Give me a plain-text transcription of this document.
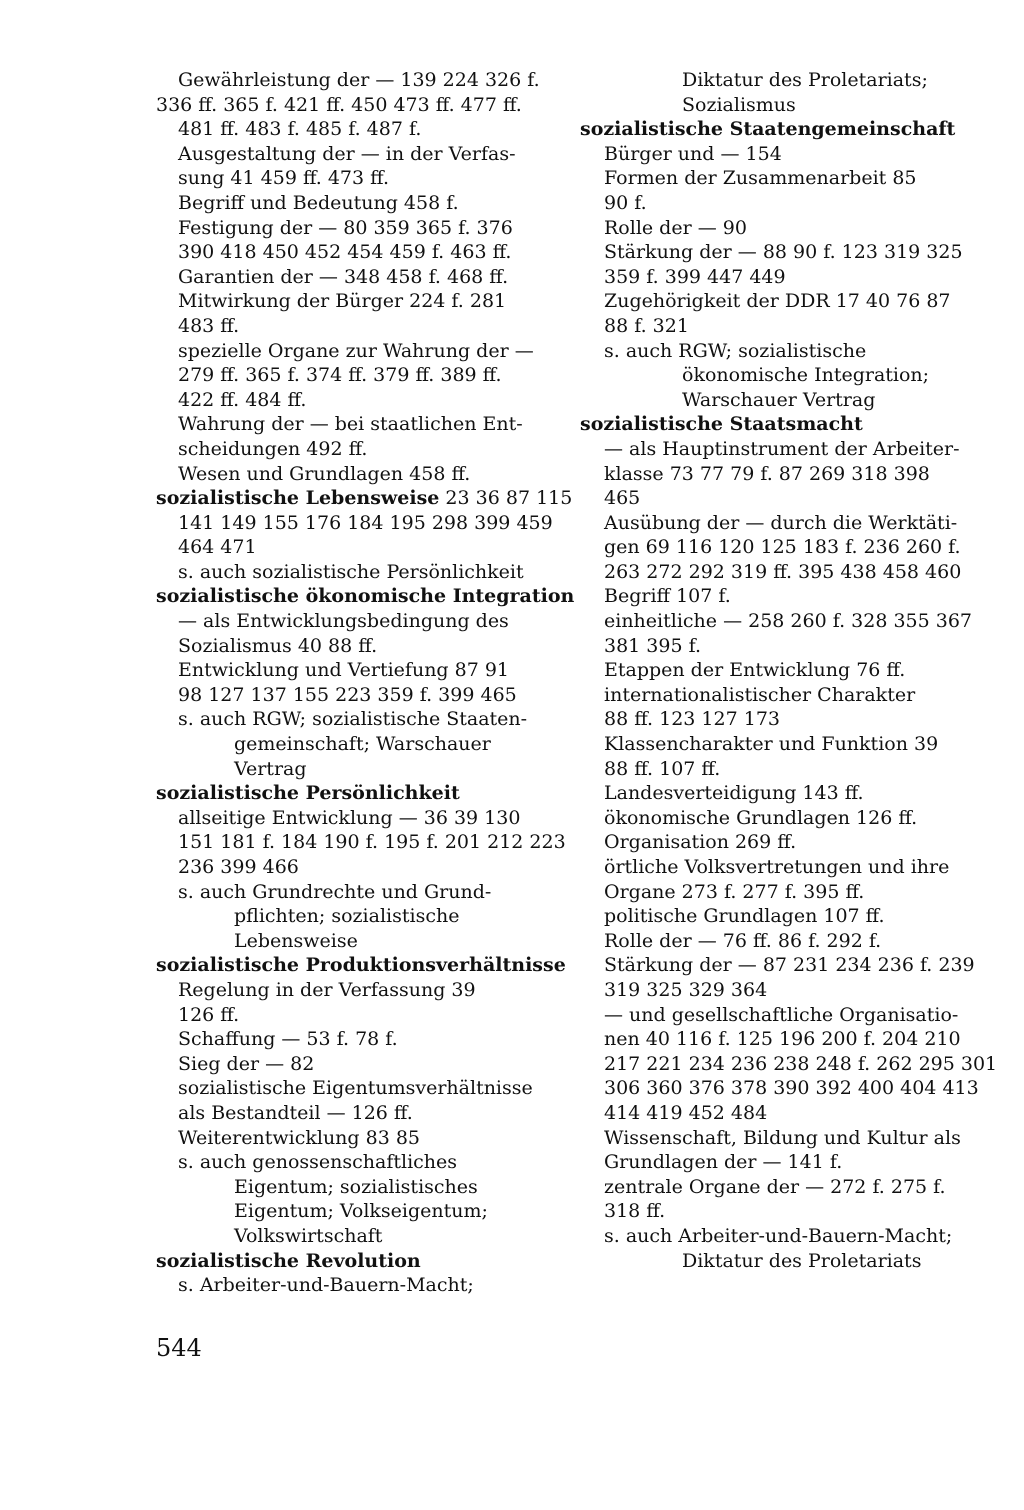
Gewährleistung der — 139 224 326 f.
336 ff. 365 f. 421 ff. 450 473 ff. 477 ff.
481 ff. 483 f. 485 f. 487 f.
Ausgestaltung der — in der Verfas-
sung 41 459 ff. 473 ff.
Begriff und Bedeutung 458 f.
Festigung der — 80 359 365 f. 376
390 418 450 452 454 459 f. 463 ff.
Garantien der — 348 458 f. 468 ff.
Mitwirkung der Bürger 224 f. 281
483 ff.
spezielle Organe zur Wahrung der —
279 ff. 365 f. 374 ff. 379 ff. 389 ff.
422 ff. 484 ff.
Wahrung der — bei staatlichen Ent-
scheidungen 492 ff.
Wesen und Grundlagen 458 ff.
sozialistische Lebensweise 23 36 87 115
141 149 155 176 184 195 298 399 459
464 471
s. auch sozialistische Persönlichkeit
sozialistische ökonomische Integration
— als Entwicklungsbedingung des
Sozialismus 40 88 ff.
Entwicklung und Vertiefung 87 91
98 127 137 155 223 359 f. 399 465
s. auch RGW; sozialistische Staaten-
gemeinschaft; Warschauer
Vertrag
sozialistische Persönlichkeit
allseitige Entwicklung — 36 39 130
151 181 f. 184 190 f. 195 f. 201 212 223
236 399 466
s. auch Grundrechte und Grund-
pflichten; sozialistische
Lebensweise
sozialistische Produktionsverhältnisse
Regelung in der Verfassung 39
126 ff.
Schaffung — 53 f. 78 f.
Sieg der — 82
sozialistische Eigentumsverhältnisse
als Bestandteil — 126 ff.
Weiterentwicklung 83 85
s. auch genossenschaftliches
Eigentum; sozialistisches
Eigentum; Volkseigentum;
Volkswirtschaft
sozialistische Revolution
s. Arbeiter-und-Bauern-Macht;
Diktatur des Proletariats;
Sozialismus
sozialistische Staatengemeinschaft
Bürger und — 154
Formen der Zusammenarbeit 85
90 f.
Rolle der — 90
Stärkung der — 88 90 f. 123 319 325
359 f. 399 447 449
Zugehörigkeit der DDR 17 40 76 87
88 f. 321
s. auch RGW; sozialistische
ökonomische Integration;
Warschauer Vertrag
sozialistische Staatsmacht
— als Hauptinstrument der Arbeiter-
klasse 73 77 79 f. 87 269 318 398
465
Ausübung der — durch die Werktäti-
gen 69 116 120 125 183 f. 236 260 f.
263 272 292 319 ff. 395 438 458 460
Begriff 107 f.
einheitliche — 258 260 f. 328 355 367
381 395 f.
Etappen der Entwicklung 76 ff.
internationalistischer Charakter
88 ff. 123 127 173
Klassencharakter und Funktion 39
88 ff. 107 ff.
Landesverteidigung 143 ff.
ökonomische Grundlagen 126 ff.
Organisation 269 ff.
örtliche Volksvertretungen und ihre
Organe 273 f. 277 f. 395 ff.
politische Grundlagen 107 ff.
Rolle der — 76 ff. 86 f. 292 f.
Stärkung der — 87 231 234 236 f. 239
319 325 329 364
— und gesellschaftliche Organisatio-
nen 40 116 f. 125 196 200 f. 204 210
217 221 234 236 238 248 f. 262 295 301
306 360 376 378 390 392 400 404 413
414 419 452 484
Wissenschaft, Bildung und Kultur als
Grundlagen der — 141 f.
zentrale Organe der — 272 f. 275 f.
318 ff.
s. auch Arbeiter-und-Bauern-Macht;
Diktatur des Proletariats
544
